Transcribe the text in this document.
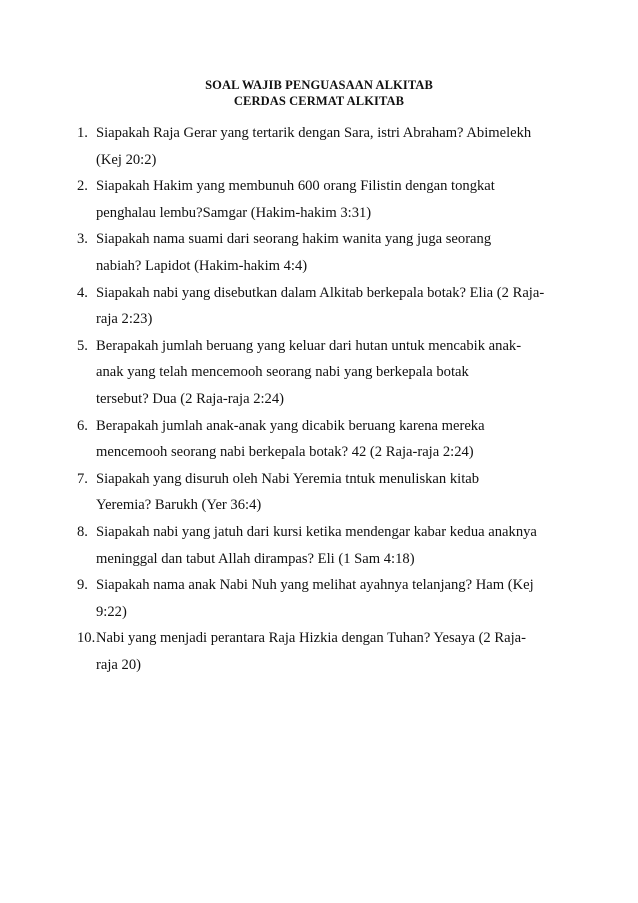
SOAL WAJIB PENGUASAAN ALKITAB
CERDAS CERMAT ALKITAB
1. Siapakah Raja Gerar yang tertarik dengan Sara, istri Abraham? Abimelekh
(Kej 20:2)
2. Siapakah Hakim yang membunuh 600 orang Filistin dengan tongkat
penghalau lembu?Samgar (Hakim-hakim 3:31)
3. Siapakah nama suami dari seorang hakim wanita yang juga seorang
nabiah? Lapidot (Hakim-hakim 4:4)
4. Siapakah nabi yang disebutkan dalam Alkitab berkepala botak? Elia (2 Raja-
raja 2:23)
5. Berapakah jumlah beruang yang keluar dari hutan untuk mencabik anak-
anak yang telah mencemooh seorang nabi yang berkepala botak
tersebut? Dua (2 Raja-raja 2:24)
6. Berapakah jumlah anak-anak yang dicabik beruang karena mereka
mencemooh seorang nabi berkepala botak? 42 (2 Raja-raja 2:24)
7. Siapakah yang disuruh oleh Nabi Yeremia tntuk menuliskan kitab
Yeremia? Barukh (Yer 36:4)
8. Siapakah nabi yang jatuh dari kursi ketika mendengar kabar kedua anaknya
meninggal dan tabut Allah dirampas? Eli (1 Sam 4:18)
9. Siapakah nama anak Nabi Nuh yang melihat ayahnya telanjang? Ham (Kej
9:22)
10. Nabi yang menjadi perantara Raja Hizkia dengan Tuhan? Yesaya (2 Raja-
raja 20)
